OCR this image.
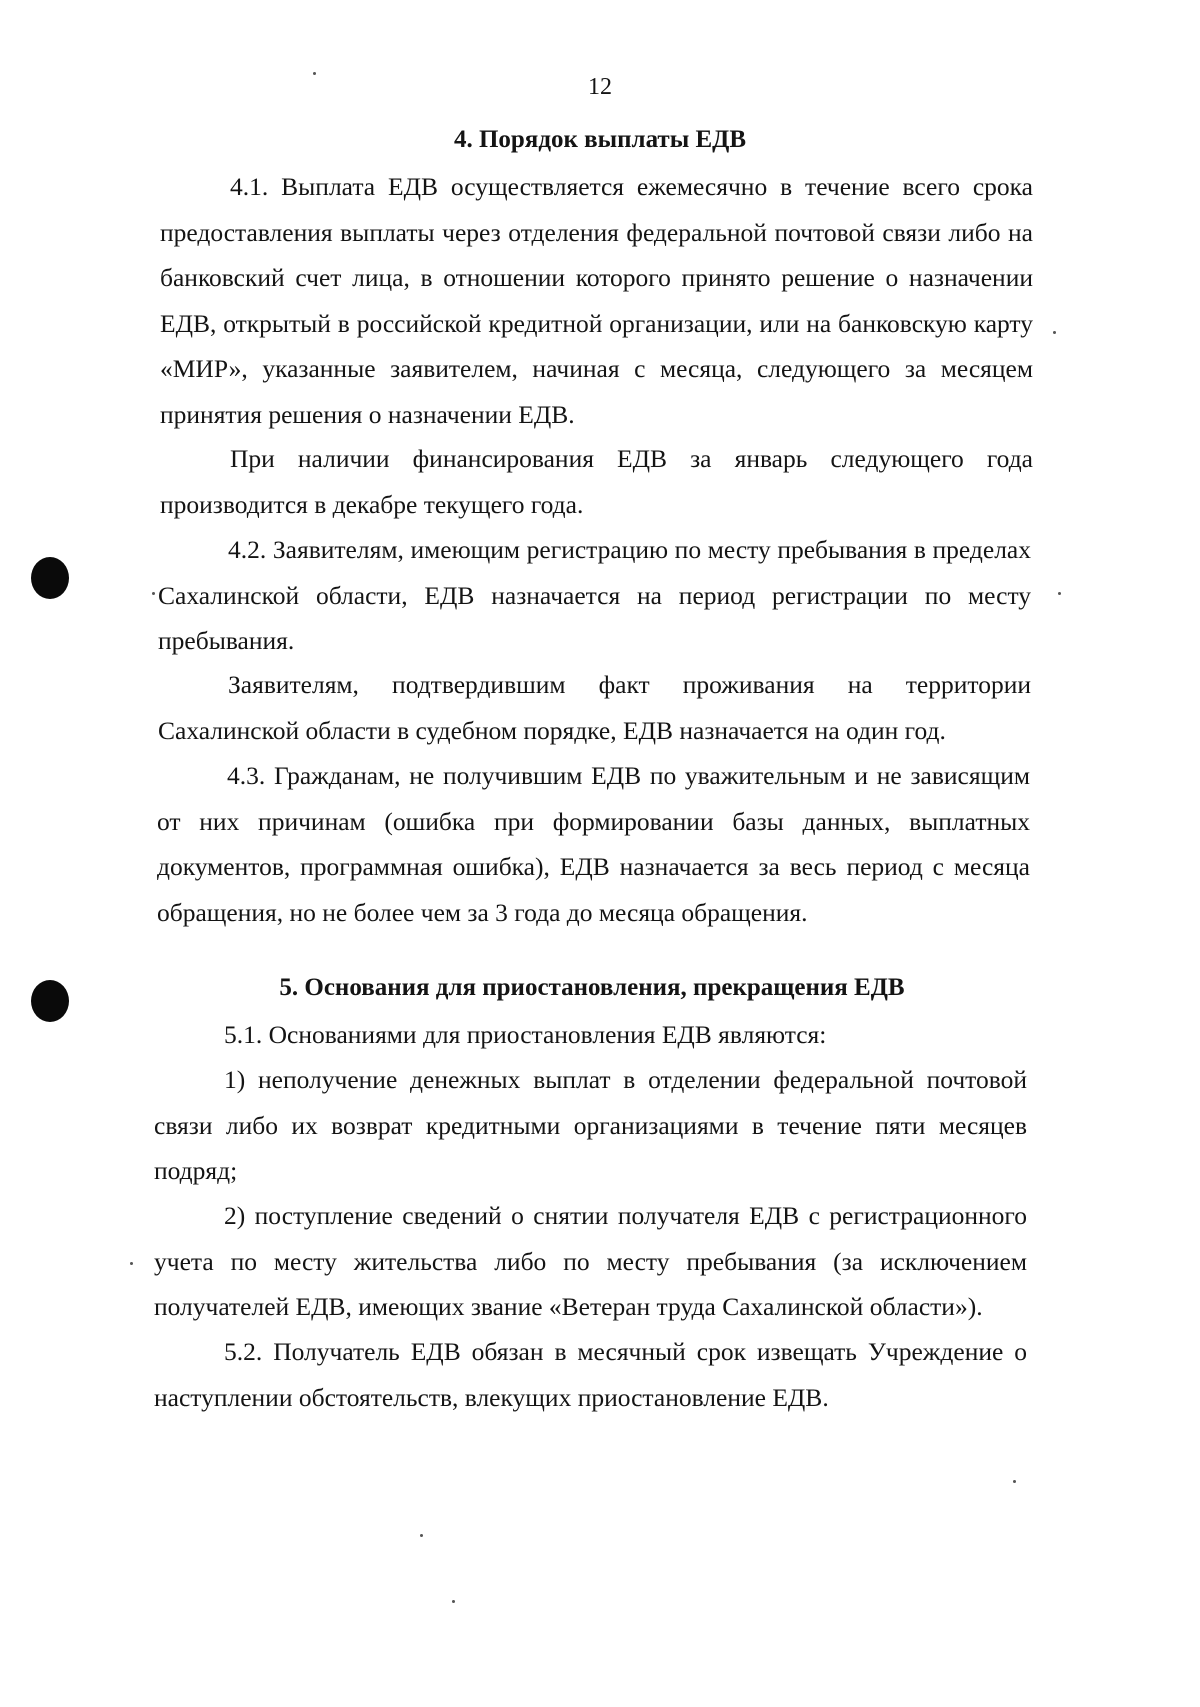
12
4. Порядок выплаты ЕДВ

4.1. Выплата ЕДВ осуществляется ежемесячно в течение всего срока предоставления выплаты через отделения федеральной почтовой связи либо на банковский счет лица, в отношении которого принято решение о назначении ЕДВ, открытый в российской кредитной организации, или на банковскую карту «МИР», указанные заявителем, начиная с месяца, следующего за месяцем принятия решения о назначении ЕДВ.

При наличии финансирования ЕДВ за январь следующего года производится в декабре текущего года.

4.2. Заявителям, имеющим регистрацию по месту пребывания в пределах Сахалинской области, ЕДВ назначается на период регистрации по месту пребывания.

Заявителям, подтвердившим факт проживания на территории Сахалинской области в судебном порядке, ЕДВ назначается на один год.

4.3. Гражданам, не получившим ЕДВ по уважительным и не зависящим от них причинам (ошибка при формировании базы данных, выплатных документов, программная ошибка), ЕДВ назначается за весь период с месяца обращения, но не более чем за 3 года до месяца обращения.

5. Основания для приостановления, прекращения ЕДВ

5.1. Основаниями для приостановления ЕДВ являются:

1) неполучение денежных выплат в отделении федеральной почтовой связи либо их возврат кредитными организациями в течение пяти месяцев подряд;

2) поступление сведений о снятии получателя ЕДВ с регистрационного учета по месту жительства либо по месту пребывания (за исключением получателей ЕДВ, имеющих звание «Ветеран труда Сахалинской области»).

5.2. Получатель ЕДВ обязан в месячный срок извещать Учреждение о наступлении обстоятельств, влекущих приостановление ЕДВ.
